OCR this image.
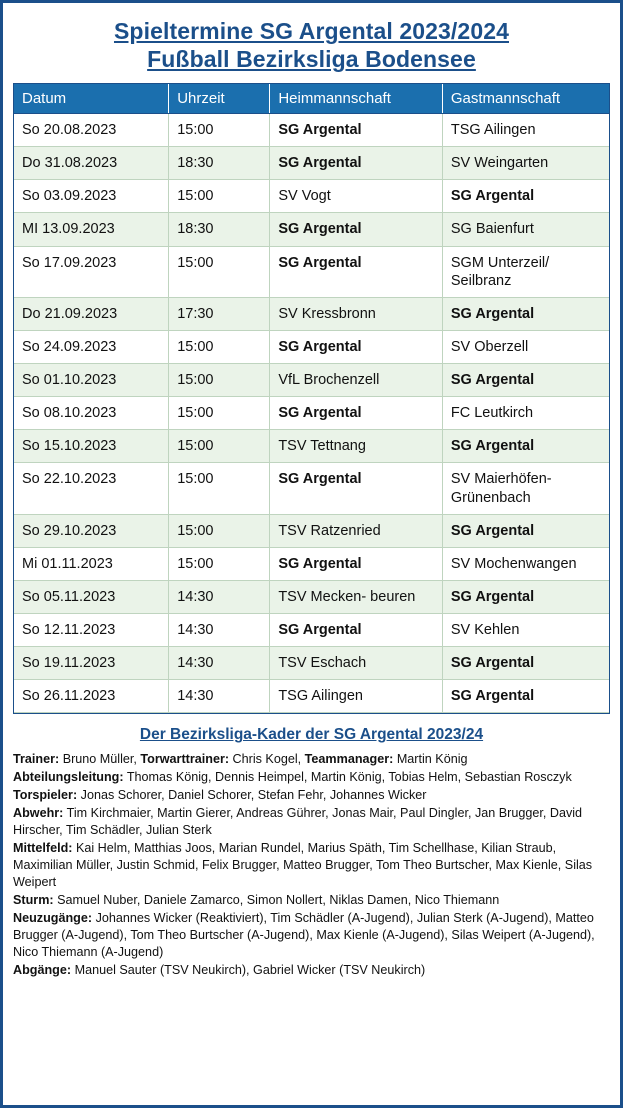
Spieltermine SG Argental 2023/2024
Fußball Bezirksliga Bodensee
Datum	Uhrzeit	Heimmannschaft	Gastmannschaft
So 20.08.2023	15:00	SG Argental	TSG Ailingen
Do 31.08.2023	18:30	SG Argental	SV Weingarten
So 03.09.2023	15:00	SV Vogt	SG Argental
MI 13.09.2023	18:30	SG Argental	SG Baienfurt
So 17.09.2023	15:00	SG Argental	SGM Unterzeil/ Seilbranz
Do 21.09.2023	17:30	SV Kressbronn	SG Argental
So 24.09.2023	15:00	SG Argental	SV Oberzell
So 01.10.2023	15:00	VfL Brochenzell	SG Argental
So 08.10.2023	15:00	SG Argental	FC Leutkirch
So 15.10.2023	15:00	TSV Tettnang	SG Argental
So 22.10.2023	15:00	SG Argental	SV Maierhöfen- Grünenbach
So 29.10.2023	15:00	TSV Ratzenried	SG Argental
Mi 01.11.2023	15:00	SG Argental	SV Mochenwangen
So 05.11.2023	14:30	TSV Mecken- beuren	SG Argental
So 12.11.2023	14:30	SG Argental	SV Kehlen
So 19.11.2023	14:30	TSV Eschach	SG Argental
So 26.11.2023	14:30	TSG Ailingen	SG Argental
Der Bezirksliga-Kader der SG Argental 2023/24
Trainer: Bruno Müller, Torwarttrainer: Chris Kogel, Teammanager: Martin König
Abteilungsleitung: Thomas König, Dennis Heimpel, Martin König, Tobias Helm, Sebastian Rosczyk
Torspieler: Jonas Schorer, Daniel Schorer, Stefan Fehr, Johannes Wicker
Abwehr: Tim Kirchmaier, Martin Gierer, Andreas Gührer, Jonas Mair, Paul Dingler, Jan Brugger, David Hirscher, Tim Schädler, Julian Sterk
Mittelfeld: Kai Helm, Matthias Joos, Marian Rundel, Marius Späth, Tim Schellhase, Kilian Straub, Maximilian Müller, Justin Schmid, Felix Brugger, Matteo Brugger, Tom Theo Burtscher, Max Kienle, Silas Weipert
Sturm: Samuel Nuber, Daniele Zamarco, Simon Nollert, Niklas Damen, Nico Thiemann
Neuzugänge: Johannes Wicker (Reaktiviert), Tim Schädler (A-Jugend), Julian Sterk (A-Jugend), Matteo Brugger (A-Jugend), Tom Theo Burtscher (A-Jugend), Max Kienle (A-Jugend), Silas Weipert (A-Jugend), Nico Thiemann (A-Jugend)
Abgänge: Manuel Sauter (TSV Neukirch), Gabriel Wicker (TSV Neukirch)
